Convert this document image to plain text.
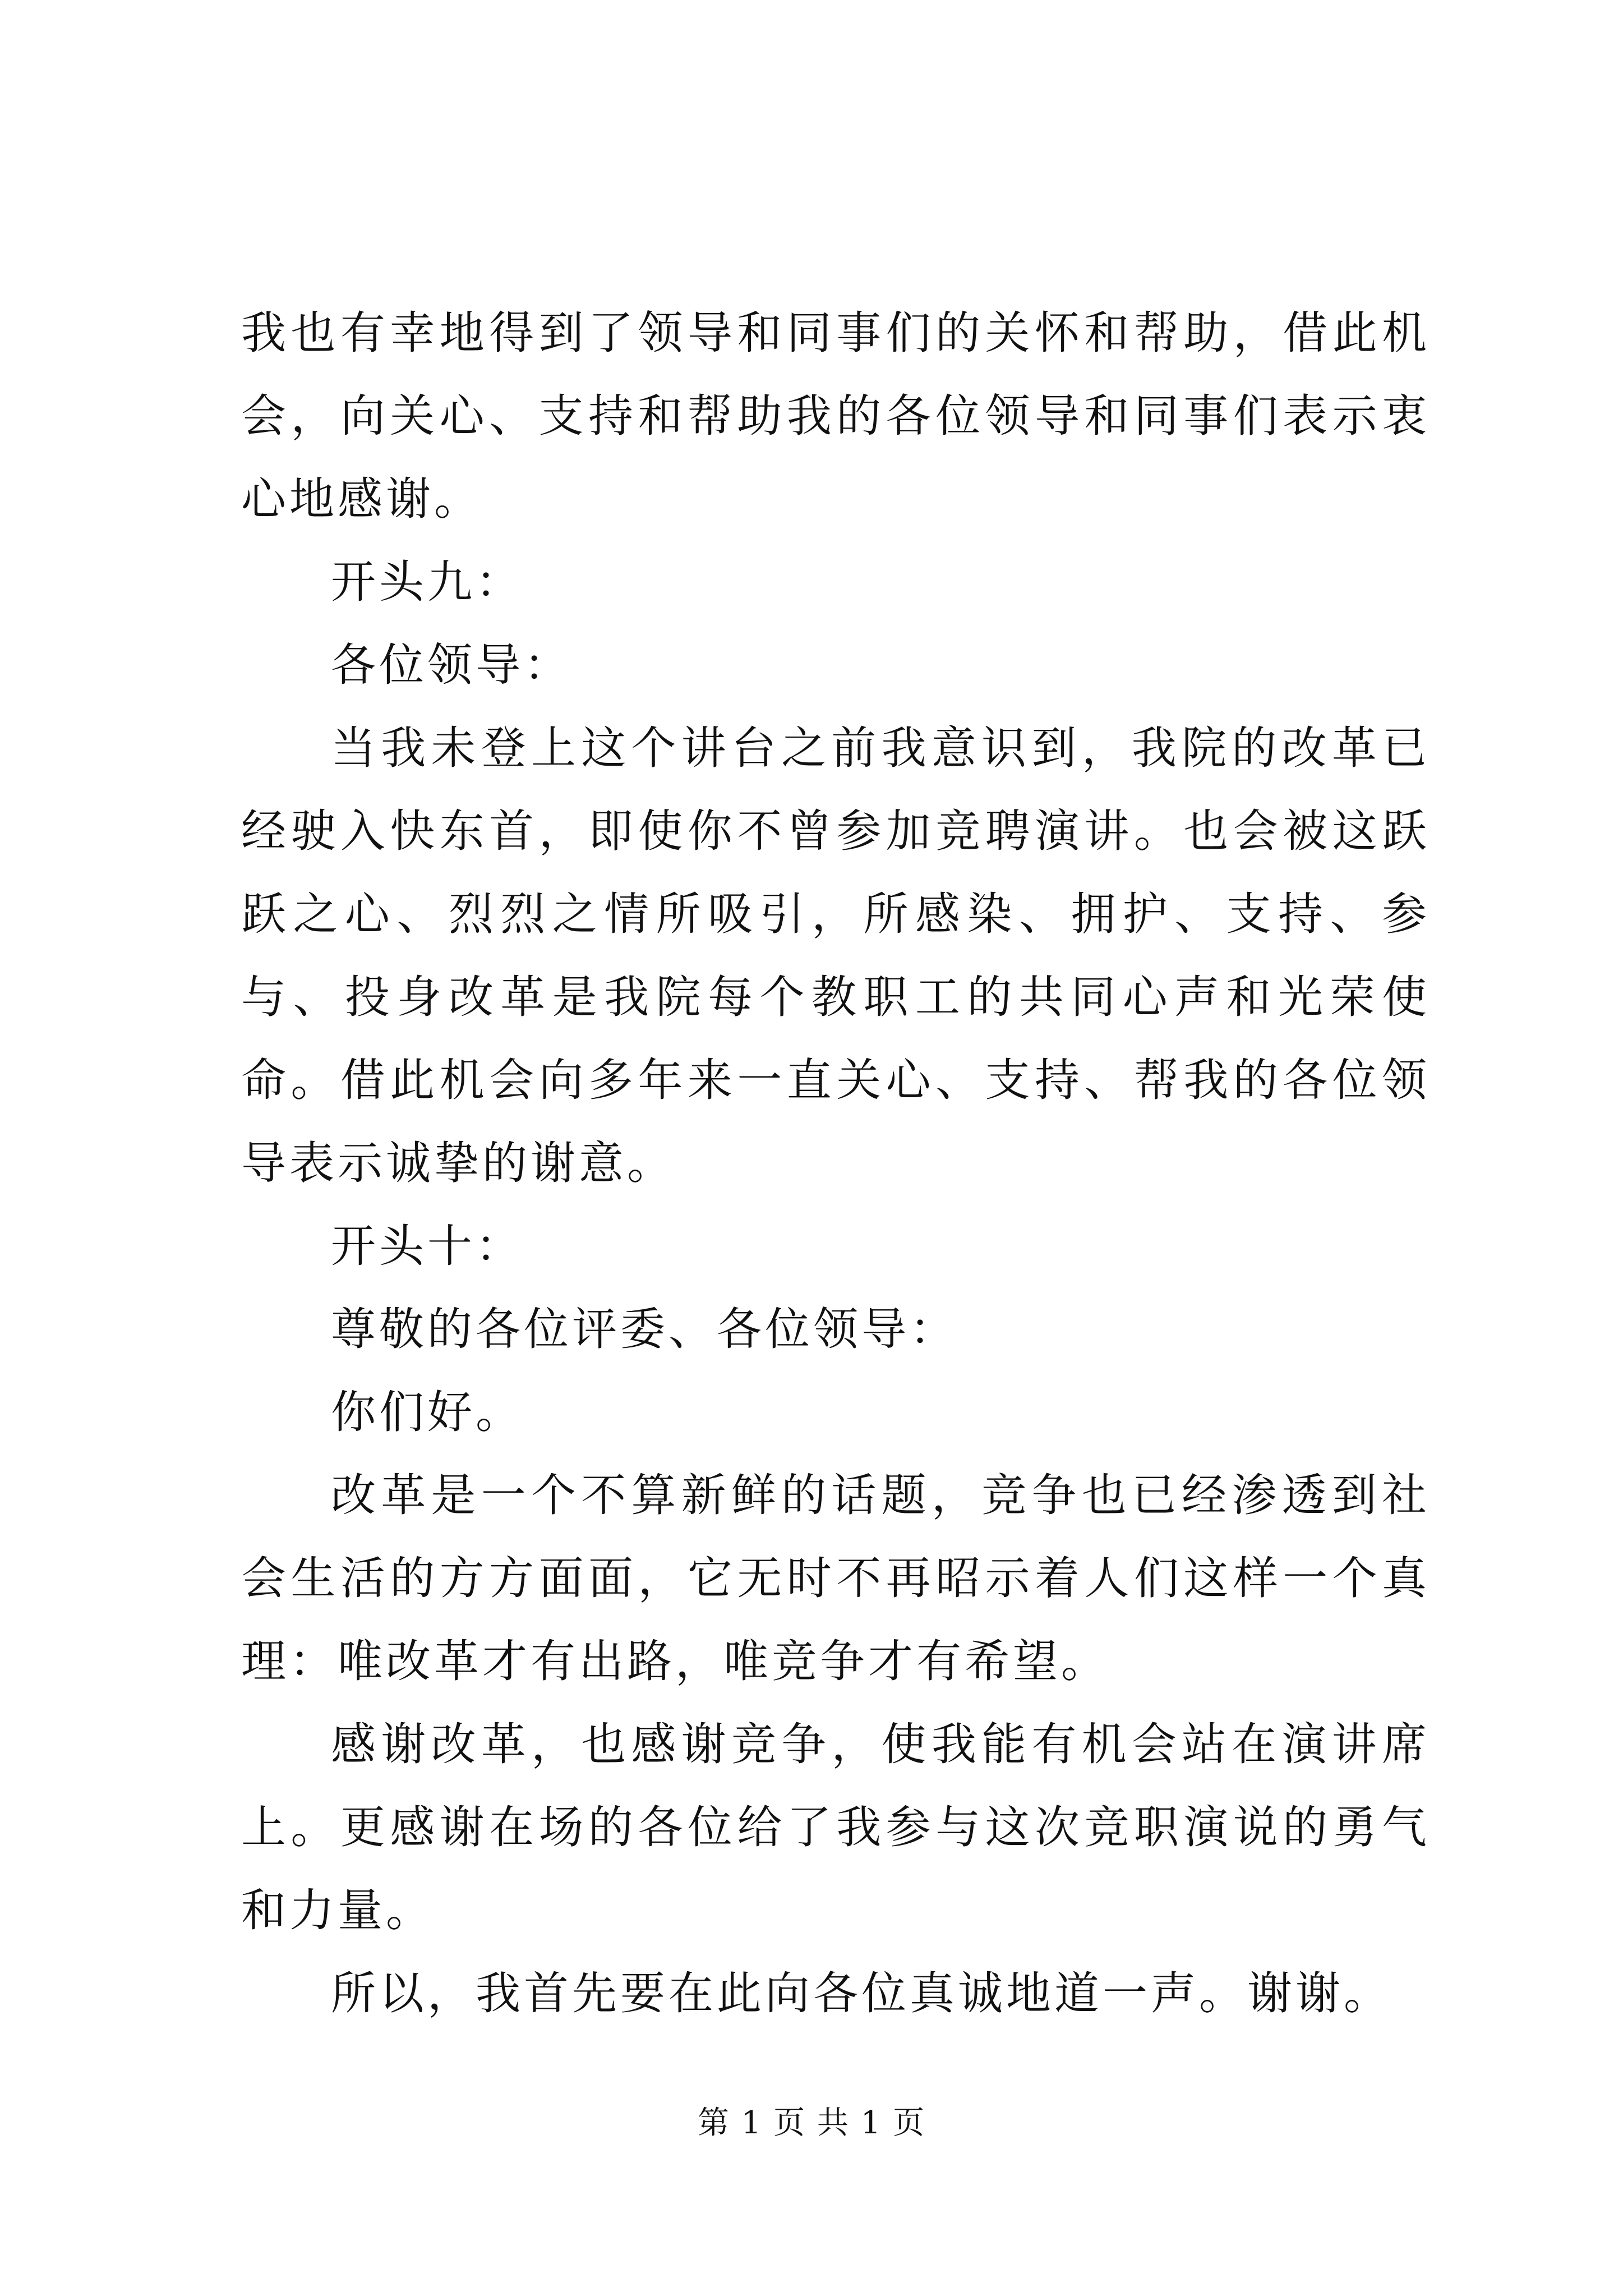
我也有幸地得到了领导和同事们的关怀和帮助，借此机会，向关心、支持和帮助我的各位领导和同事们表示衷心地感谢。

开头九：

各位领导：

当我未登上这个讲台之前我意识到，我院的改革已经驶入快东首，即使你不曾参加竞聘演讲。也会被这跃跃之心、烈烈之情所吸引，所感染、拥护、支持、参与、投身改革是我院每个教职工的共同心声和光荣使命。借此机会向多年来一直关心、支持、帮我的各位领导表示诚挚的谢意。

开头十：

尊敬的各位评委、各位领导：

你们好。

改革是一个不算新鲜的话题，竞争也已经渗透到社会生活的方方面面，它无时不再昭示着人们这样一个真理：唯改革才有出路，唯竞争才有希望。

感谢改革，也感谢竞争，使我能有机会站在演讲席上。更感谢在场的各位给了我参与这次竞职演说的勇气和力量。

所以，我首先要在此向各位真诚地道一声。谢谢。

第 1 页 共 1 页
